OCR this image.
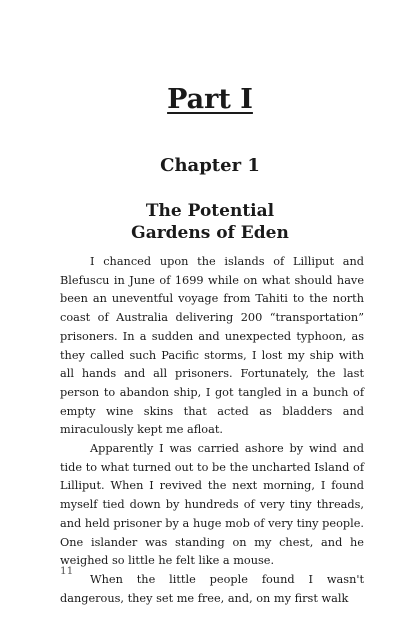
Part I
Chapter 1
The Potential
Gardens of Eden

I chanced upon the islands of Lilliput and Blefuscu in June of 1699 while on what should have been an uneventful voyage from Tahiti to the north coast of Australia delivering 200 “transportation” prisoners. In a sudden and unexpected typhoon, as they called such Pacific storms, I lost my ship with all hands and all prisoners. Fortunately, the last person to abandon ship, I got tangled in a bunch of empty wine skins that acted as bladders and miraculously kept me afloat.

Apparently I was carried ashore by wind and tide to what turned out to be the uncharted Island of Lilliput. When I revived the next morning, I found myself tied down by hundreds of very tiny threads, and held prisoner by a huge mob of very tiny people. One islander was standing on my chest, and he weighed so little he felt like a mouse.

When the little people found I wasn't dangerous, they set me free, and, on my first walk

11
